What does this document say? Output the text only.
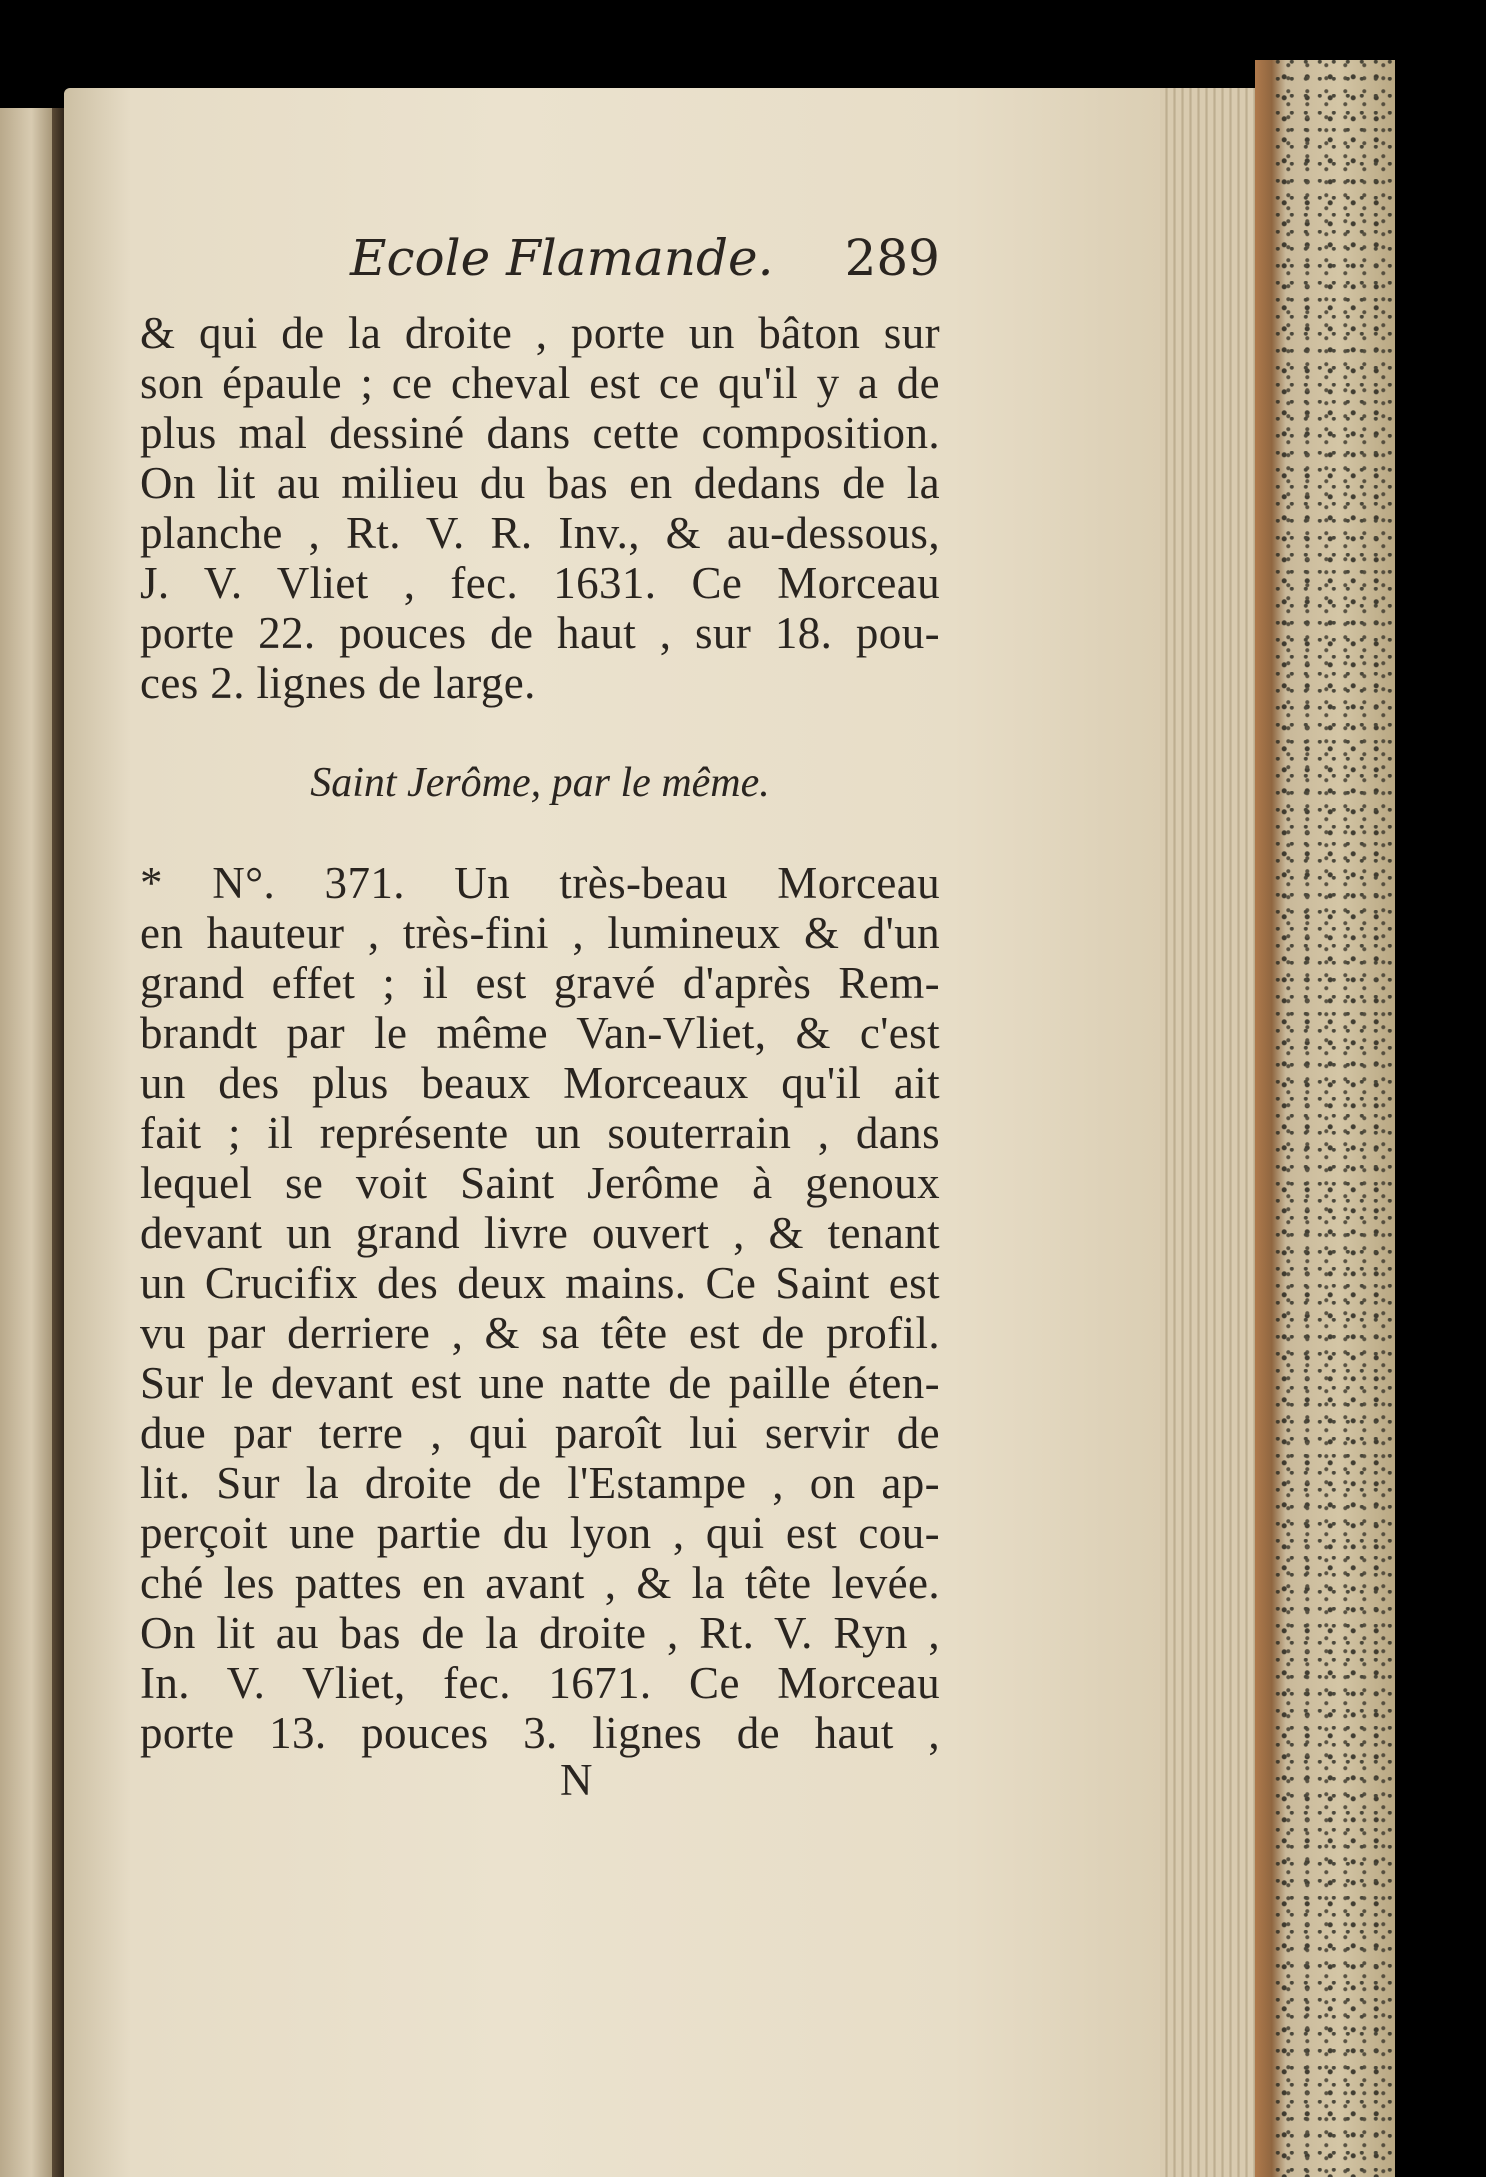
Ecole Flamande. 289
& qui de la droite , porte un bâton sur
son épaule ; ce cheval est ce qu'il y a de
plus mal dessiné dans cette composition.
On lit au milieu du bas en dedans de la
planche , Rt. V. R. Inv., & au-dessous,
J. V. Vliet , fec. 1631. Ce Morceau
porte 22. pouces de haut , sur 18. pou-
ces 2. lignes de large.
Saint Jerôme, par le même.
* N°. 371. Un très-beau Morceau
en hauteur , très-fini , lumineux & d'un
grand effet ; il est gravé d'après Rem-
brandt par le même Van-Vliet, & c'est
un des plus beaux Morceaux qu'il ait
fait ; il représente un souterrain , dans
lequel se voit Saint Jerôme à genoux
devant un grand livre ouvert , & tenant
un Crucifix des deux mains. Ce Saint est
vu par derriere , & sa tête est de profil.
Sur le devant est une natte de paille éten-
due par terre , qui paroît lui servir de
lit. Sur la droite de l'Estampe , on ap-
perçoit une partie du lyon , qui est cou-
ché les pattes en avant , & la tête levée.
On lit au bas de la droite , Rt. V. Ryn ,
In. V. Vliet, fec. 1671. Ce Morceau
porte 13. pouces 3. lignes de haut ,
N
